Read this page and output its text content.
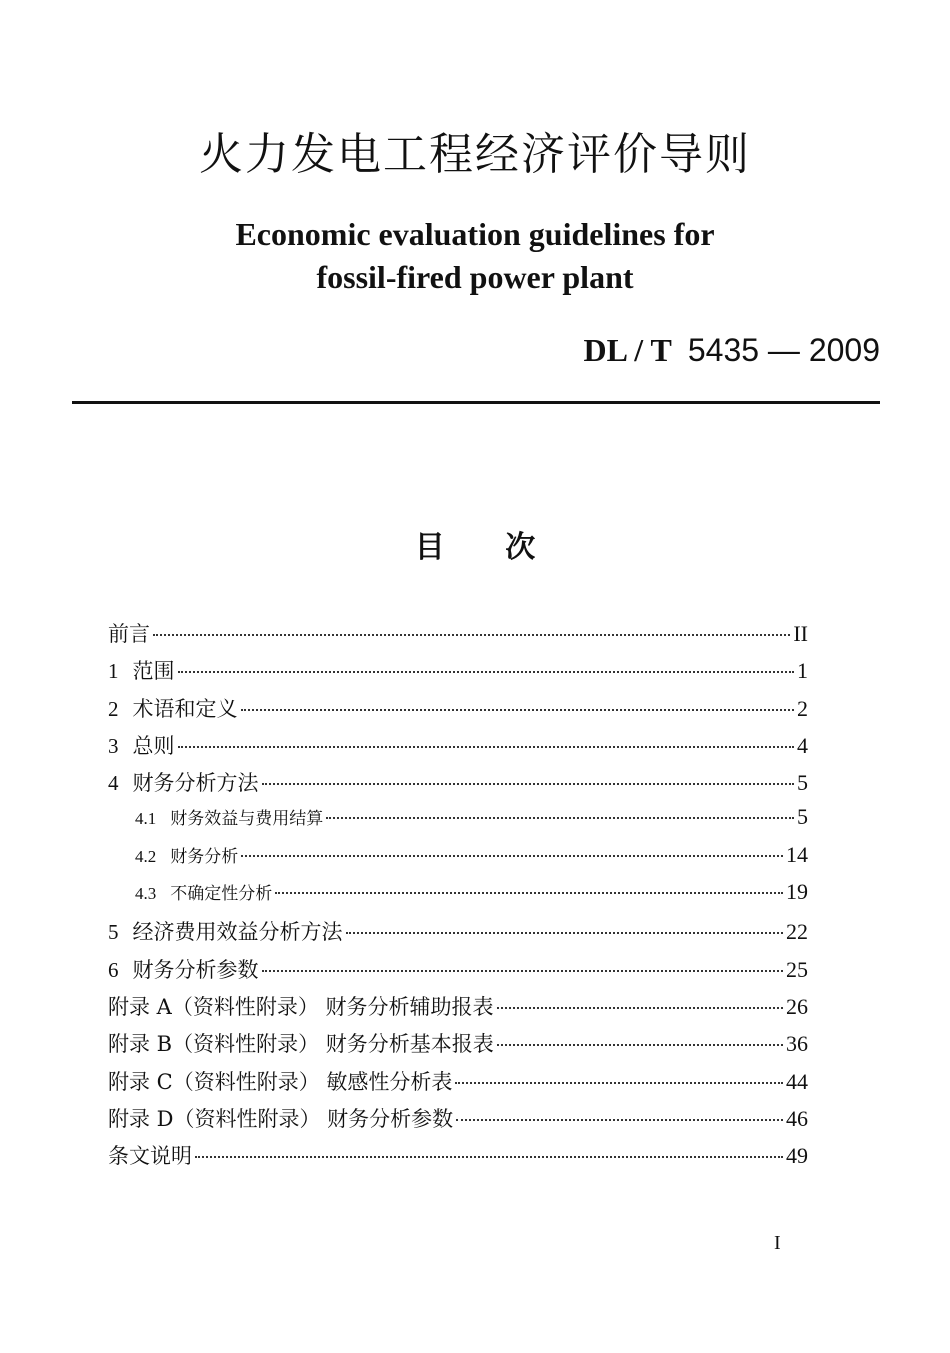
火力发电工程经济评价导则
Economic evaluation guidelines for
fossil-fired power plant
DL / T 5435 — 2009
目 次
前言	II
1 范围	1
2 术语和定义	2
3 总则	4
4 财务分析方法	5
4.1 财务效益与费用结算	5
4.2 财务分析	14
4.3 不确定性分析	19
5 经济费用效益分析方法	22
6 财务分析参数	25
附录 A（资料性附录） 财务分析辅助报表	26
附录 B（资料性附录） 财务分析基本报表	36
附录 C（资料性附录） 敏感性分析表	44
附录 D（资料性附录） 财务分析参数	46
条文说明	49
I
